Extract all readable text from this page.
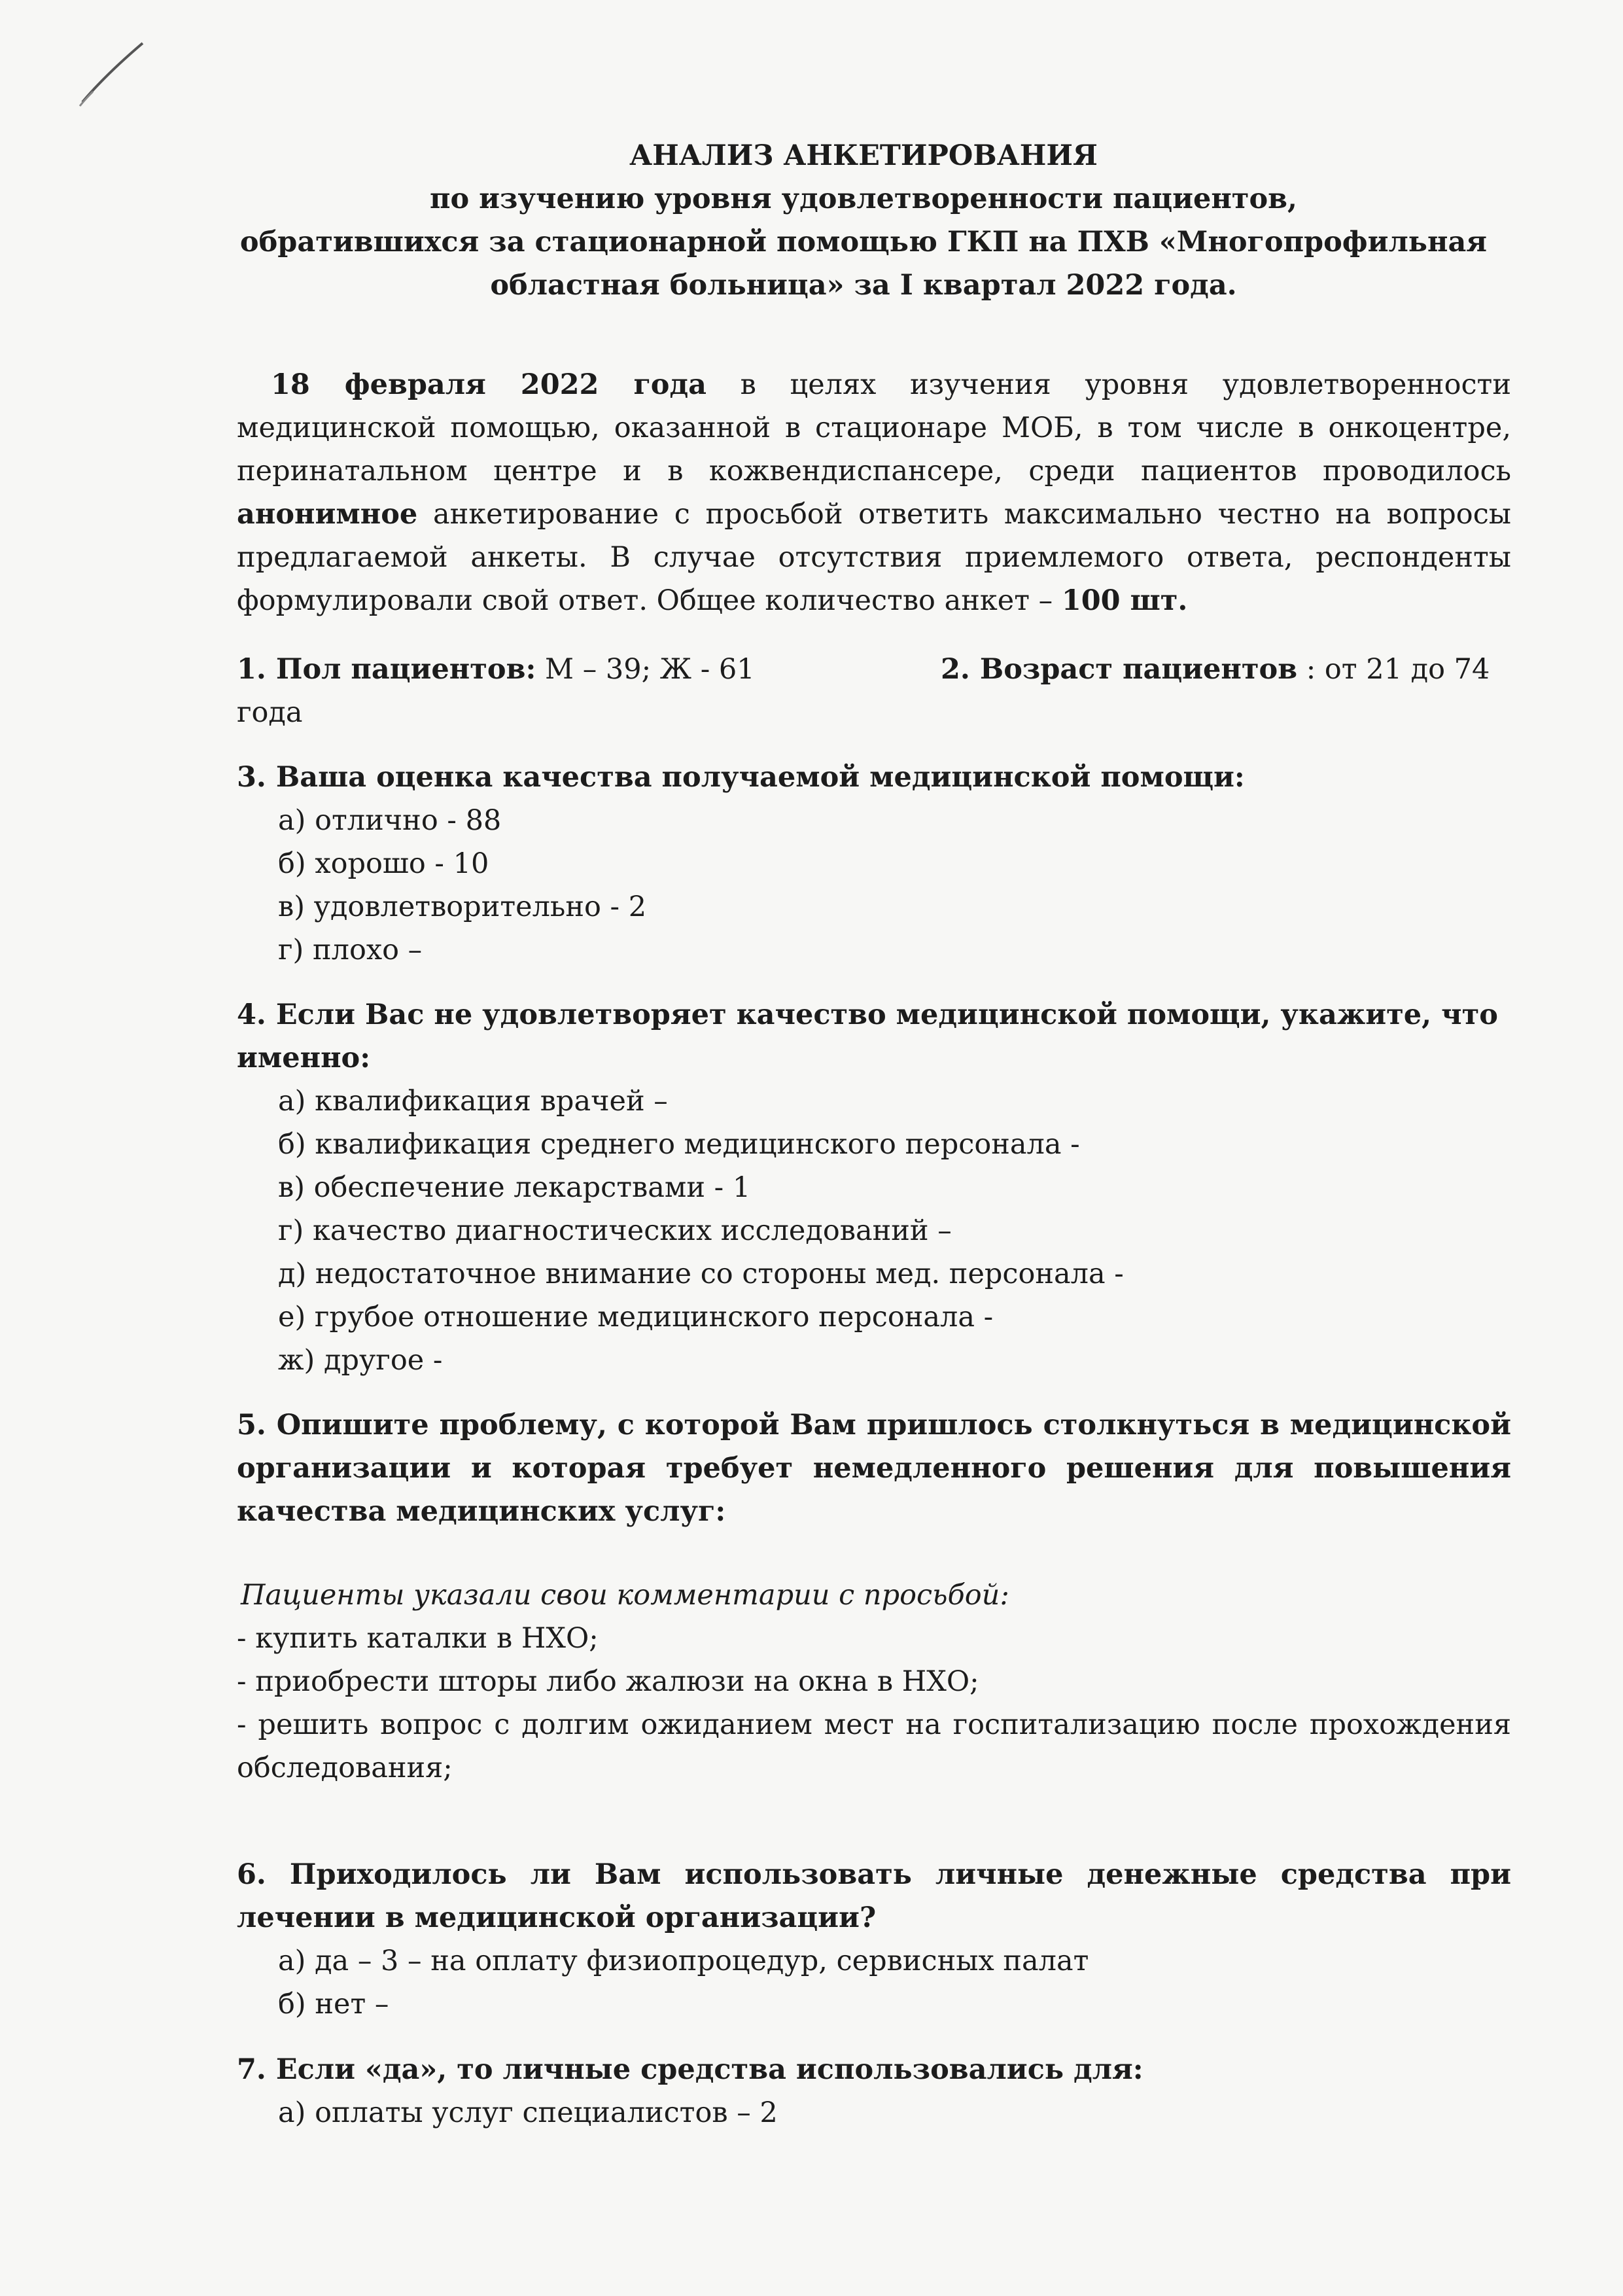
АНАЛИЗ АНКЕТИРОВАНИЯ
по изучению уровня удовлетворенности пациентов,
обратившихся за стационарной помощью ГКП на ПХВ «Многопрофильная
областная больница» за I квартал 2022 года.
18 февраля 2022 года в целях изучения уровня удовлетворенности медицинской помощью, оказанной в стационаре МОБ, в том числе в онкоцентре, перинатальном центре и в кожвендиспансере, среди пациентов проводилось анонимное анкетирование с просьбой ответить максимально честно на вопросы предлагаемой анкеты. В случае отсутствия приемлемого ответа, респонденты формулировали свой ответ. Общее количество анкет – 100 шт.
1. Пол пациентов: М – 39; Ж - 61	2. Возраст пациентов : от 21 до 74
года
3. Ваша оценка качества получаемой медицинской помощи:
а) отлично - 88
б) хорошо - 10
в) удовлетворительно - 2
г) плохо –
4. Если Вас не удовлетворяет качество медицинской помощи, укажите, что
именно:
а) квалификация врачей –
б) квалификация среднего медицинского персонала -
в) обеспечение лекарствами - 1
г) качество диагностических исследований –
д) недостаточное внимание со стороны мед. персонала -
е) грубое отношение медицинского персонала -
ж) другое -
5. Опишите проблему, с которой Вам пришлось столкнуться в медицинской организации и которая требует немедленного решения для повышения качества медицинских услуг:
Пациенты указали свои комментарии с просьбой:
- купить каталки в НХО;
- приобрести шторы либо жалюзи на окна в НХО;
- решить вопрос с долгим ожиданием мест на госпитализацию после прохождения обследования;
6. Приходилось ли Вам использовать личные денежные средства при лечении в медицинской организации?
а) да – 3 – на оплату физиопроцедур, сервисных палат
б) нет –
7. Если «да», то личные средства использовались для:
а) оплаты услуг специалистов – 2
